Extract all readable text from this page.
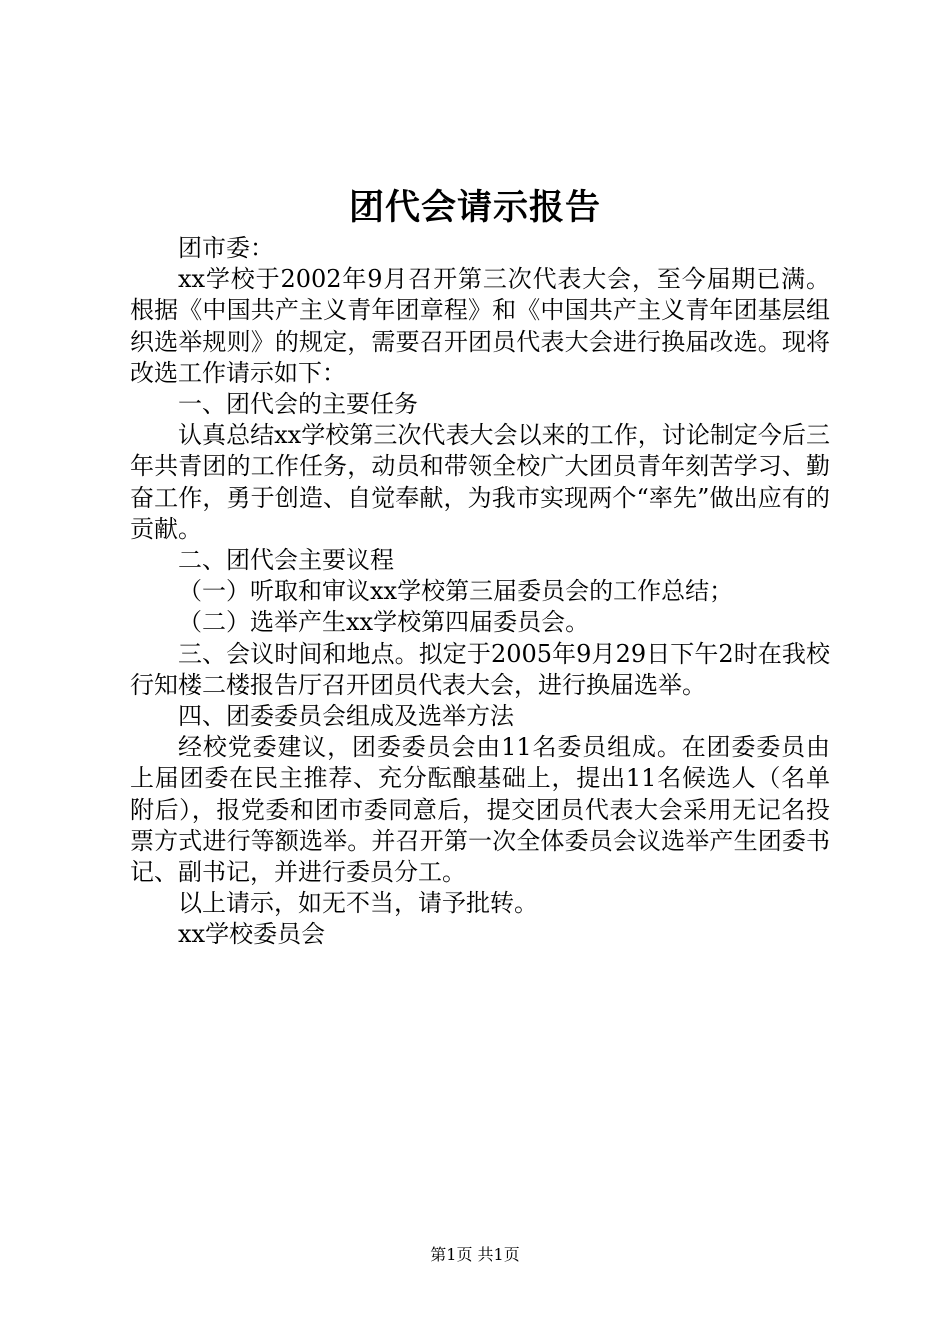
团代会请示报告

团市委：

xx学校于2002年9月召开第三次代表大会，至今届期已满。根据《中国共产主义青年团章程》和《中国共产主义青年团基层组织选举规则》的规定，需要召开团员代表大会进行换届改选。现将改选工作请示如下：

一、团代会的主要任务

认真总结xx学校第三次代表大会以来的工作，讨论制定今后三年共青团的工作任务，动员和带领全校广大团员青年刻苦学习、勤奋工作，勇于创造、自觉奉献，为我市实现两个“率先”做出应有的贡献。

二、团代会主要议程

（一）听取和审议xx学校第三届委员会的工作总结；

（二）选举产生xx学校第四届委员会。

三、会议时间和地点。拟定于2005年9月29日下午2时在我校行知楼二楼报告厅召开团员代表大会，进行换届选举。

四、团委委员会组成及选举方法

经校党委建议，团委委员会由11名委员组成。在团委委员由上届团委在民主推荐、充分酝酿基础上，提出11名候选人（名单附后），报党委和团市委同意后，提交团员代表大会采用无记名投票方式进行等额选举。并召开第一次全体委员会议选举产生团委书记、副书记，并进行委员分工。

以上请示，如无不当，请予批转。

xx学校委员会

第1页 共1页
